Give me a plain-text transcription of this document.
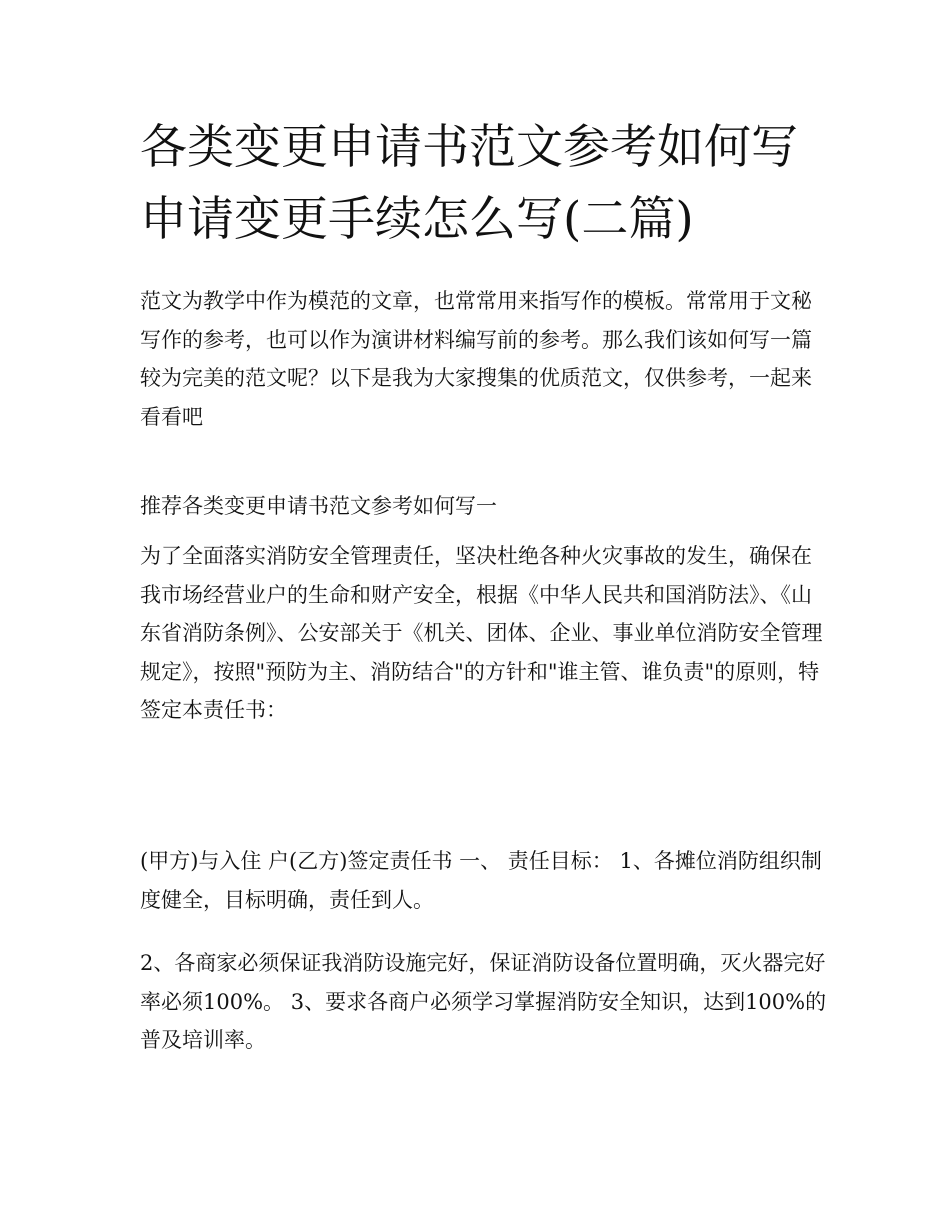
各类变更申请书范文参考如何写 申请变更手续怎么写(二篇)

范文为教学中作为模范的文章，也常常用来指写作的模板。常常用于文秘写作的参考，也可以作为演讲材料编写前的参考。那么我们该如何写一篇较为完美的范文呢？以下是我为大家搜集的优质范文，仅供参考，一起来看看吧

推荐各类变更申请书范文参考如何写一

为了全面落实消防安全管理责任，坚决杜绝各种火灾事故的发生，确保在我市场经营业户的生命和财产安全，根据《中华人民共和国消防法》、《山东省消防条例》、公安部关于《机关、团体、企业、事业单位消防安全管理规定》，按照"预防为主、消防结合"的方针和"谁主管、谁负责"的原则，特签定本责任书：

(甲方)与入住 户(乙方)签定责任书 一、 责任目标： 1、各摊位消防组织制度健全，目标明确，责任到人。

2、各商家必须保证我消防设施完好，保证消防设备位置明确，灭火器完好率必须100%。 3、要求各商户必须学习掌握消防安全知识，达到100%的普及培训率。
